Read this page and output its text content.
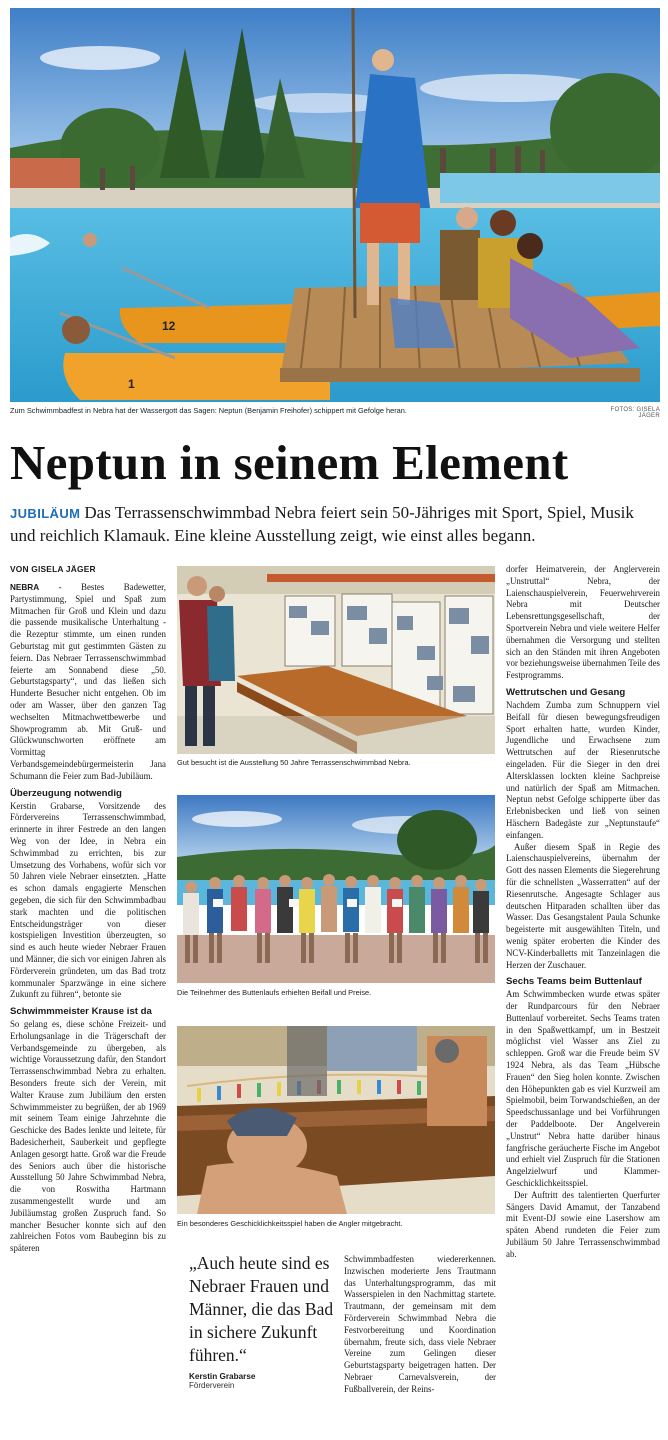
12
1
Zum Schwimmbadfest in Nebra hat der Wassergott das Sagen: Neptun (Benjamin Freihofer) schippert mit Gefolge heran.	FOTOS: GISELA JÄGER
Neptun in seinem Element
JUBILÄUM Das Terrassenschwimmbad Nebra feiert sein 50-Jähriges mit Sport, Spiel, Musik und reichlich Klamauk. Eine kleine Ausstellung zeigt, wie einst alles begann.
VON GISELA JÄGER

NEBRA - Bestes Badewetter, Partystimmung, Spiel und Spaß zum Mitmachen für Groß und Klein und dazu die passende musikalische Unterhaltung - die Rezeptur stimmte, um einen runden Geburtstag mit gut gestimmten Gästen zu feiern. Das Nebraer Terrassenschwimmbad feierte am Sonnabend diese „50. Geburtstagsparty“, und das ließen sich Hunderte Besucher nicht entgehen. Ob im oder am Wasser, über den ganzen Tag wechselten Mitmachwettbewerbe und Showprogramm ab. Mit Gruß- und Glückwunschworten eröffnete am Vormittag Verbandsgemeindebürgermeisterin Jana Schumann die Feier zum Bad-Jubiläum.

Überzeugung notwendig

Kerstin Grabarse, Vorsitzende des Fördervereins Terrassenschwimmbad, erinnerte in ihrer Festrede an den langen Weg von der Idee, in Nebra ein Schwimmbad zu errichten, bis zur Umsetzung des Vorhabens, wofür sich vor 50 Jahren viele Nebraer einsetzten. „Hatte es schon damals engagierte Menschen gegeben, die sich für den Schwimmbadbau stark machten und die politischen Entscheidungsträger von dieser kostspieligen Investition überzeugten, so sind es auch heute wieder Nebraer Frauen und Männer, die sich vor einigen Jahren als Förderverein gründeten, um das Bad trotz kommunaler Sparzwänge in eine sichere Zukunft zu führen“, betonte sie

Schwimmmeister Krause ist da

So gelang es, diese schöne Freizeit- und Erholungsanlage in die Trägerschaft der Verbandsgemeinde zu übergeben, als wichtige Voraussetzung dafür, den Standort Terrassenschwimmbad Nebra zu erhalten. Besonders freute sich der Verein, mit Walter Krause zum Jubiläum den ersten Schwimmmeister zu begrüßen, der ab 1969 mit seinem Team einige Jahrzehnte die Geschicke des Bades lenkte und leitete, für Badesicherheit, Sauberkeit und gepflegte Anlagen gesorgt hatte. Groß war die Freude des Seniors auch über die historische Ausstellung 50 Jahre Schwimmbad Nebra, die von Roswitha Hartmann zusammengestellt wurde und am Jubiläumstag großen Zuspruch fand. So mancher Besucher konnte sich auf den zahlreichen Fotos vom Baubeginn bis zu späteren

Gut besucht ist die Ausstellung 50 Jahre Terrassenschwimmbad Nebra.
Die Teilnehmer des Buttenlaufs erhielten Beifall und Preise.
Ein besonderes Geschicklichkeitsspiel haben die Angler mitgebracht.
„Auch heute sind es Nebraer Frauen und Männer, die das Bad in sichere Zukunft führen.“
Kerstin Grabarse
Förderverein

Schwimmbadfesten wiedererkennen. Inzwischen moderierte Jens Trautmann das Unterhaltungsprogramm, das mit Wasserspielen in den Nachmittag startete. Trautmann, der gemeinsam mit dem Förderverein Schwimmbad Nebra die Festvorbereitung und Koordination übernahm, freute sich, dass viele Nebraer Vereine zum Gelingen dieser Geburtstagsparty beigetragen hatten. Der Nebraer Carnevalsverein, der Fußballverein, der Reins-

dorfer Heimatverein, der Anglerverein „Unstruttal“ Nebra, der Laienschauspielverein, Feuerwehrverein Nebra mit Deutscher Lebensrettungsgesellschaft, der Sportverein Nebra und viele weitere Helfer übernahmen die Versorgung und stellten sich an den Ständen mit ihren Angeboten vor beziehungsweise übernahmen Teile des Festprogramms.

Wettrutschen und Gesang

Nachdem Zumba zum Schnuppern viel Beifall für diesen bewegungsfreudigen Sport erhalten hatte, wurden Kinder, Jugendliche und Erwachsene zum Wettrutschen auf der Riesenrutsche eingeladen. Für die Sieger in den drei Altersklassen lockten kleine Sachpreise und natürlich der Spaß am Mitmachen. Neptun nebst Gefolge schipperte über das Erlebnisbecken und ließ von seinen Häschern Badegäste zur „Neptunstaufe“ einfangen.

Außer diesem Spaß in Regie des Laienschauspielvereins, übernahm der Gott des nassen Elements die Siegerehrung für die schnellsten „Wasserratten“ auf der Riesenrutsche. Angesagte Schlager aus deutschen Hitparaden schallten über das Wasser. Das Gesangstalent Paula Schunke begeisterte mit ausgewählten Titeln, und wenig später eroberten die Kinder des NCV-Kinderballetts mit Tanzeinlagen die Herzen der Zuschauer.

Sechs Teams beim Buttenlauf

Am Schwimmbecken wurde etwas später der Rundparcours für den Nebraer Buttenlauf vorbereitet. Sechs Teams traten in den Spaßwettkampf, um in Bestzeit möglichst viel Wasser ans Ziel zu schleppen. Groß war die Freude beim SV 1924 Nebra, als das Team „Hübsche Frauen“ den Sieg holen konnte. Zwischen den Höhepunkten gab es viel Kurzweil am Spielmobil, beim Torwandschießen, an der Speedschussanlage und bei Vorführungen der Paddelboote. Der Angelverein „Unstrut“ Nebra hatte darüber hinaus fangfrische geräucherte Fische im Angebot und erhielt viel Zuspruch für die Stationen Angelzielwurf und Klammer-Geschicklichkeitsspiel.

Der Auftritt des talentierten Querfurter Sängers David Amamut, der Tanzabend mit Event-DJ sowie eine Lasershow am späten Abend rundeten die Feier zum Jubiläum 50 Jahre Terrassenschwimmbad ab.
